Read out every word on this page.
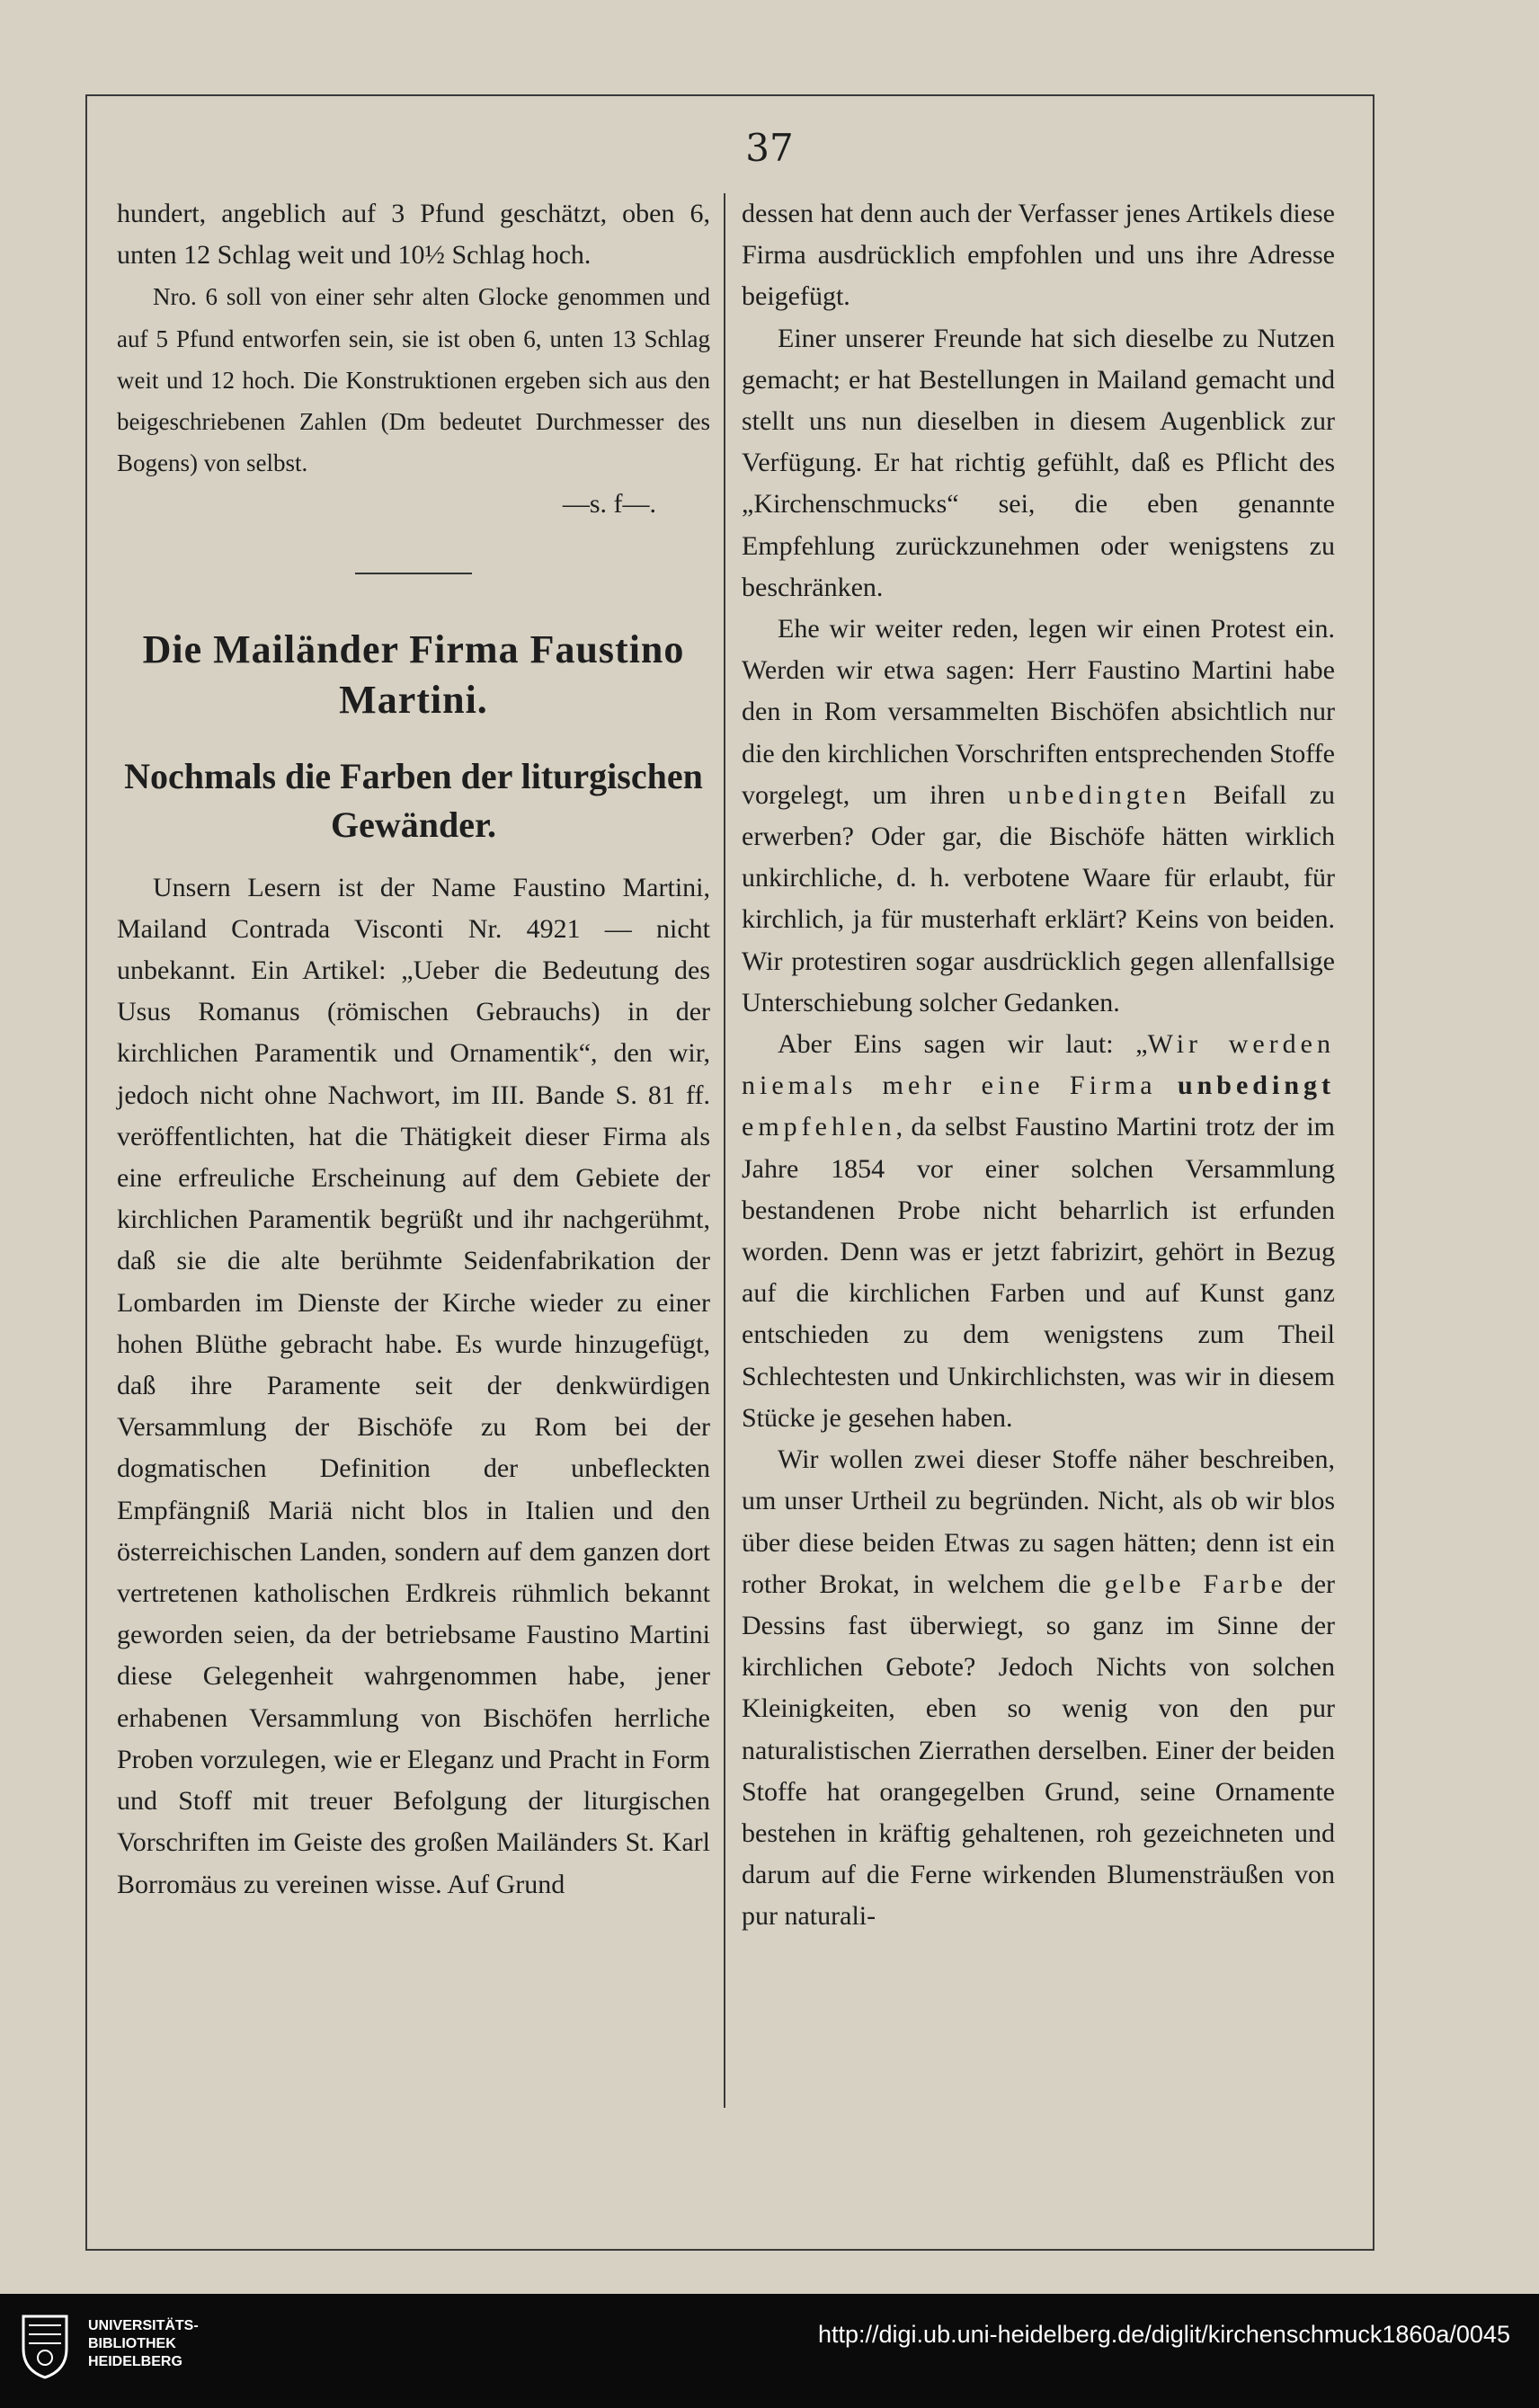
37

hundert, angeblich auf 3 Pfund geschätzt, oben 6, unten 12 Schlag weit und 10½ Schlag hoch.

Nro. 6 soll von einer sehr alten Glocke genommen und auf 5 Pfund entworfen sein, sie ist oben 6, unten 13 Schlag weit und 12 hoch. Die Konstruktionen ergeben sich aus den beigeschriebenen Zahlen (Dm bedeutet Durchmesser des Bogens) von selbst.

—s. f—.

Die Mailänder Firma Faustino Martini.

Nochmals die Farben der liturgischen Gewänder.

Unsern Lesern ist der Name Faustino Martini, Mailand Contrada Visconti Nr. 4921 — nicht unbekannt. Ein Artikel: „Ueber die Bedeutung des Usus Romanus (römischen Gebrauchs) in der kirchlichen Paramentik und Ornamentik“, den wir, jedoch nicht ohne Nachwort, im III. Bande S. 81 ff. veröffentlichten, hat die Thätigkeit dieser Firma als eine erfreuliche Erscheinung auf dem Gebiete der kirchlichen Paramentik begrüßt und ihr nachgerühmt, daß sie die alte berühmte Seidenfabrikation der Lombarden im Dienste der Kirche wieder zu einer hohen Blüthe gebracht habe. Es wurde hinzugefügt, daß ihre Paramente seit der denkwürdigen Versammlung der Bischöfe zu Rom bei der dogmatischen Definition der unbefleckten Empfängniß Mariä nicht blos in Italien und den österreichischen Landen, sondern auf dem ganzen dort vertretenen katholischen Erdkreis rühmlich bekannt geworden seien, da der betriebsame Faustino Martini diese Gelegenheit wahrgenommen habe, jener erhabenen Versammlung von Bischöfen herrliche Proben vorzulegen, wie er Eleganz und Pracht in Form und Stoff mit treuer Befolgung der liturgischen Vorschriften im Geiste des großen Mailänders St. Karl Borromäus zu vereinen wisse. Auf Grund

dessen hat denn auch der Verfasser jenes Artikels diese Firma ausdrücklich empfohlen und uns ihre Adresse beigefügt.

Einer unserer Freunde hat sich dieselbe zu Nutzen gemacht; er hat Bestellungen in Mailand gemacht und stellt uns nun dieselben in diesem Augenblick zur Verfügung. Er hat richtig gefühlt, daß es Pflicht des „Kirchenschmucks“ sei, die eben genannte Empfehlung zurückzunehmen oder wenigstens zu beschränken.

Ehe wir weiter reden, legen wir einen Protest ein. Werden wir etwa sagen: Herr Faustino Martini habe den in Rom versammelten Bischöfen absichtlich nur die den kirchlichen Vorschriften entsprechenden Stoffe vorgelegt, um ihren unbedingten Beifall zu erwerben? Oder gar, die Bischöfe hätten wirklich unkirchliche, d. h. verbotene Waare für erlaubt, für kirchlich, ja für musterhaft erklärt? Keins von beiden. Wir protestiren sogar ausdrücklich gegen allenfallsige Unterschiebung solcher Gedanken.

Aber Eins sagen wir laut: „Wir werden niemals mehr eine Firma unbedingt empfehlen, da selbst Faustino Martini trotz der im Jahre 1854 vor einer solchen Versammlung bestandenen Probe nicht beharrlich ist erfunden worden. Denn was er jetzt fabrizirt, gehört in Bezug auf die kirchlichen Farben und auf Kunst ganz entschieden zu dem wenigstens zum Theil Schlechtesten und Unkirchlichsten, was wir in diesem Stücke je gesehen haben.

Wir wollen zwei dieser Stoffe näher beschreiben, um unser Urtheil zu begründen. Nicht, als ob wir blos über diese beiden Etwas zu sagen hätten; denn ist ein rother Brokat, in welchem die gelbe Farbe der Dessins fast überwiegt, so ganz im Sinne der kirchlichen Gebote? Jedoch Nichts von solchen Kleinigkeiten, eben so wenig von den pur naturalistischen Zierrathen derselben. Einer der beiden Stoffe hat orangegelben Grund, seine Ornamente bestehen in kräftig gehaltenen, roh gezeichneten und darum auf die Ferne wirkenden Blumensträußen von pur naturali-

UNIVERSITÄTS-
BIBLIOTHEK
HEIDELBERG
http://digi.ub.uni-heidelberg.de/diglit/kirchenschmuck1860a/0045
